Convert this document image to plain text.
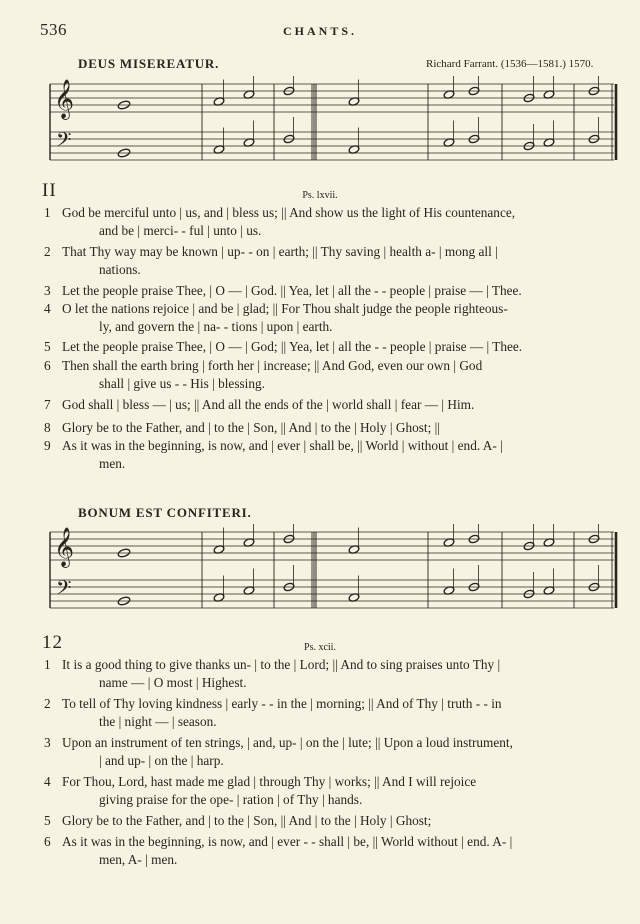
536	CHANTS.
DEUS MISEREATUR.	Richard Farrant. (1536—1581.) 1570.
𝄞
𝄢
II	Ps. lxvii.
1 God be merciful unto | us, and | bless us; || And show us the light of His countenance,
and be | merci- - ful | unto | us.
2 That Thy way may be known | up- - on | earth; || Thy saving | health a- | mong all |
nations.
3 Let the people praise Thee, | O — | God. || Yea, let | all the - - people | praise — | Thee.
4 O let the nations rejoice | and be | glad; || For Thou shalt judge the people righteous-
ly, and govern the | na- - tions | upon | earth.
5 Let the people praise Thee, | O — | God; || Yea, let | all the - - people | praise — | Thee.
6 Then shall the earth bring | forth her | increase; || And God, even our own | God
shall | give us - - His | blessing.
7 God shall | bless — | us; || And all the ends of the | world shall | fear — | Him.
8 Glory be to the Father, and | to the | Son, || And | to the | Holy | Ghost; ||
9 As it was in the beginning, is now, and | ever | shall be, || World | without | end. A- |
men.
BONUM EST CONFITERI.
𝄞
𝄢
12	Ps. xcii.
1 It is a good thing to give thanks un- | to the | Lord; || And to sing praises unto Thy |
name — | O most | Highest.
2 To tell of Thy loving kindness | early - - in the | morning; || And of Thy | truth - - in
the | night — | season.
3 Upon an instrument of ten strings, | and, up- | on the | lute; || Upon a loud instrument,
| and up- | on the | harp.
4 For Thou, Lord, hast made me glad | through Thy | works; || And I will rejoice
giving praise for the ope- | ration | of Thy | hands.
5 Glory be to the Father, and | to the | Son, || And | to the | Holy | Ghost;
6 As it was in the beginning, is now, and | ever - - shall | be, || World without | end. A- |
men, A- | men.
